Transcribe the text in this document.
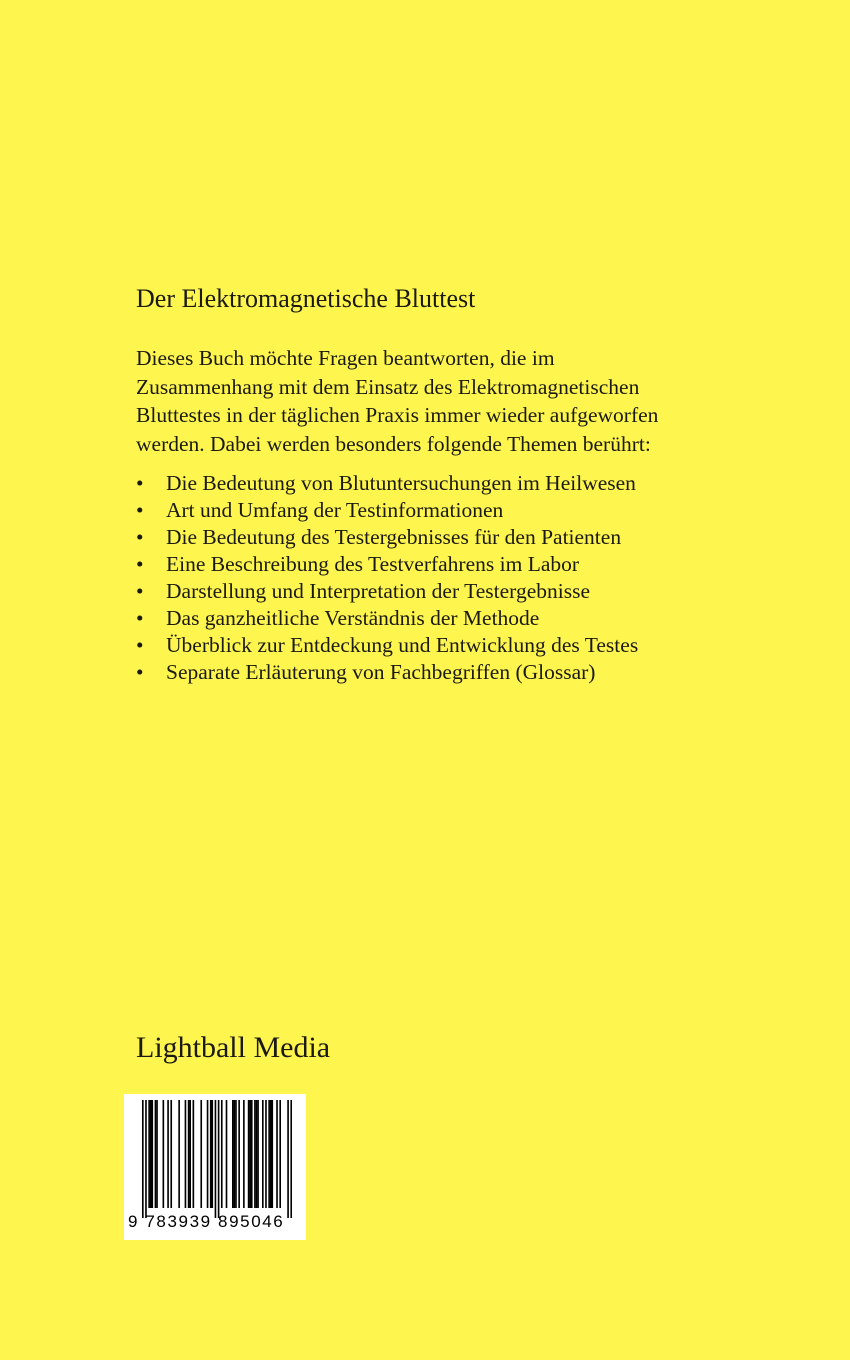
Der Elektromagnetische Bluttest

Dieses Buch möchte Fragen beantworten, die im
Zusammenhang mit dem Einsatz des Elektromagnetischen
Bluttestes in der täglichen Praxis immer wieder aufgeworfen
werden. Dabei werden besonders folgende Themen berührt:

•	Die Bedeutung von Blutuntersuchungen im Heilwesen
•	Art und Umfang der Testinformationen
•	Die Bedeutung des Testergebnisses für den Patienten
•	Eine Beschreibung des Testverfahrens im Labor
•	Darstellung und Interpretation der Testergebnisse
•	Das ganzheitliche Verständnis der Methode
•	Überblick zur Entdeckung und Entwicklung des Testes
•	Separate Erläuterung von Fachbegriffen (Glossar)

Lightball Media

9 783939 895046
